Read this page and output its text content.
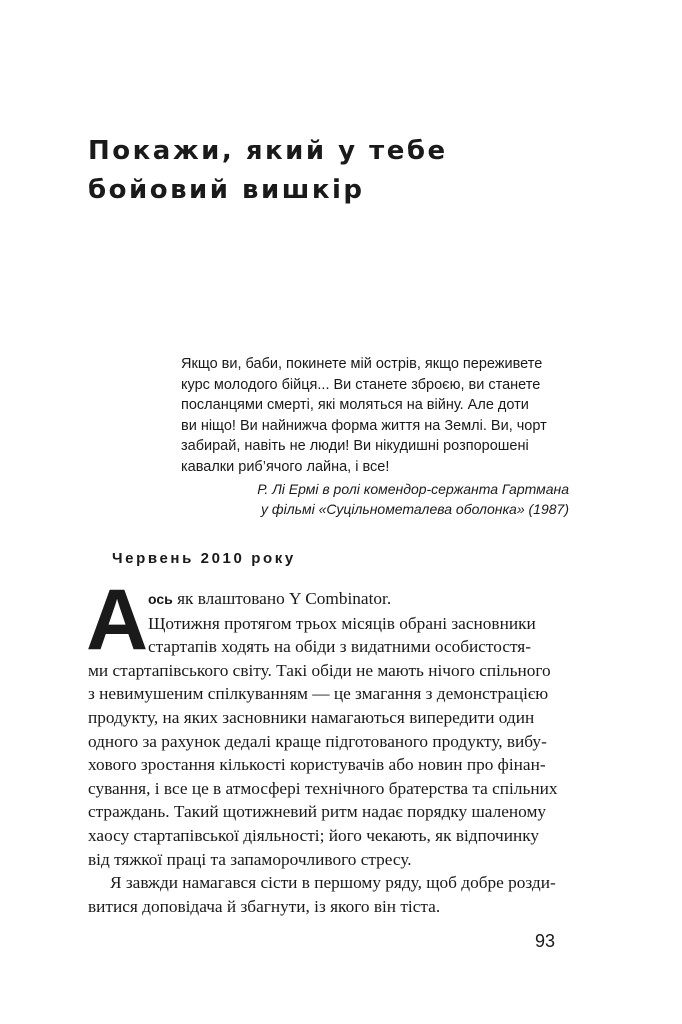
Покажи, який у тебе
бойовий вишкір
Якщо ви, баби, покинете мій острів, якщо переживете
курс молодого бійця... Ви станете зброєю, ви станете
посланцями смерті, які моляться на війну. Але доти
ви ніщо! Ви найнижча форма життя на Землі. Ви, чорт
забирай, навіть не люди! Ви нікудишні розпорошені
кавалки риб’ячого лайна, і все!
Р. Лі Ермі в ролі комендор-сержанта Гартмана
у фільмі «Суцільнометалева оболонка» (1987)
Червень 2010 року
А ось як влаштовано Y Combinator.
Щотижня протягом трьох місяців обрані засновники
стартапів ходять на обіди з видатними особистостя-
ми стартапівського світу. Такі обіди не мають нічого спільного
з невимушеним спілкуванням — це змагання з демонстрацією
продукту, на яких засновники намагаються випередити один
одного за рахунок дедалі краще підготованого продукту, вибу-
хового зростання кількості користувачів або новин про фінан-
сування, і все це в атмосфері технічного братерства та спільних
страждань. Такий щотижневий ритм надає порядку шаленому
хаосу стартапівської діяльності; його чекають, як відпочинку
від тяжкої праці та запаморочливого стресу.
Я завжди намагався сісти в першому ряду, щоб добре розди-
витися доповідача й збагнути, із якого він тіста.
93
